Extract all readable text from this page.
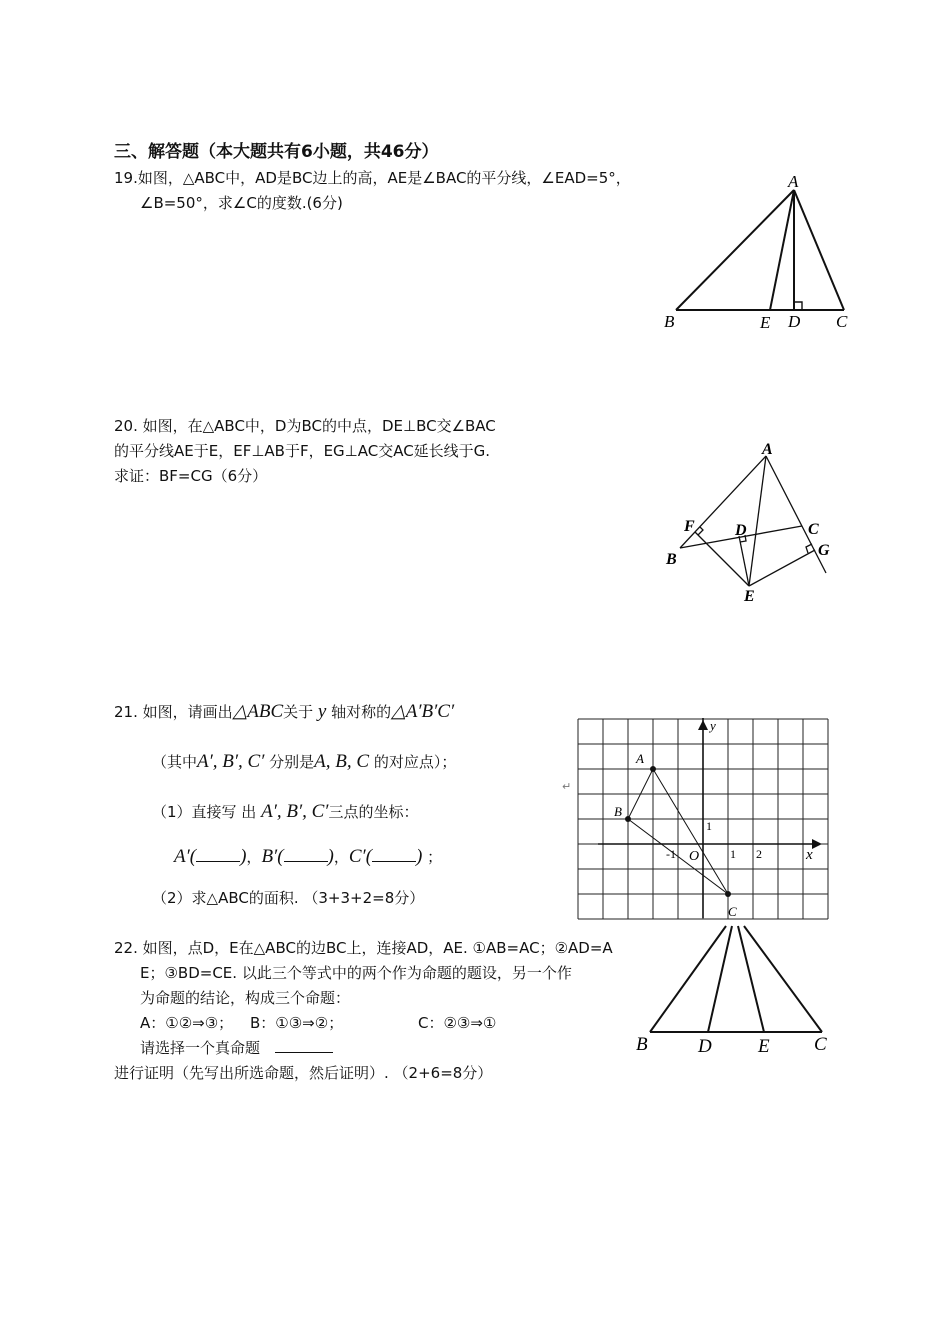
三、解答题（本大题共有6小题，共46分）
19.如图，△ABC中，AD是BC边上的高，AE是∠BAC的平分线，∠EAD=5°，
∠B=50°，求∠C的度数.(6分)
A
B	E D C
20. 如图，在△ABC中，D为BC的中点，DE⊥BC交∠BAC
的平分线AE于E，EF⊥AB于F，EG⊥AC交AC延长线于G.
求证：BF=CG（6分）
A
F	D	C
B
G
E
21. 如图，请画出△ABC关于 y 轴对称的△A′B′C′
（其中A′, B′, C′ 分别是A, B, C 的对应点）；
↵
（1）直接写 出 A′, B′, C′三点的坐标：
A′( )，B′( )，C′( ) ；
（2）求△ABC的面积. （3+3+2=8分）
A
B
C
y
x
O
-1	1 2
1
22. 如图，点D，E在△ABC的边BC上，连接AD，AE. ①AB=AC；②AD=A
E；③BD=CE. 以此三个等式中的两个作为命题的题设，另一个作
为命题的结论，构成三个命题：
A：①②⇒③； B：①③⇒②；	C：②③⇒①
请选择一个真命题
进行证明（先写出所选命题，然后证明）. （2+6=8分）
B	D E C
